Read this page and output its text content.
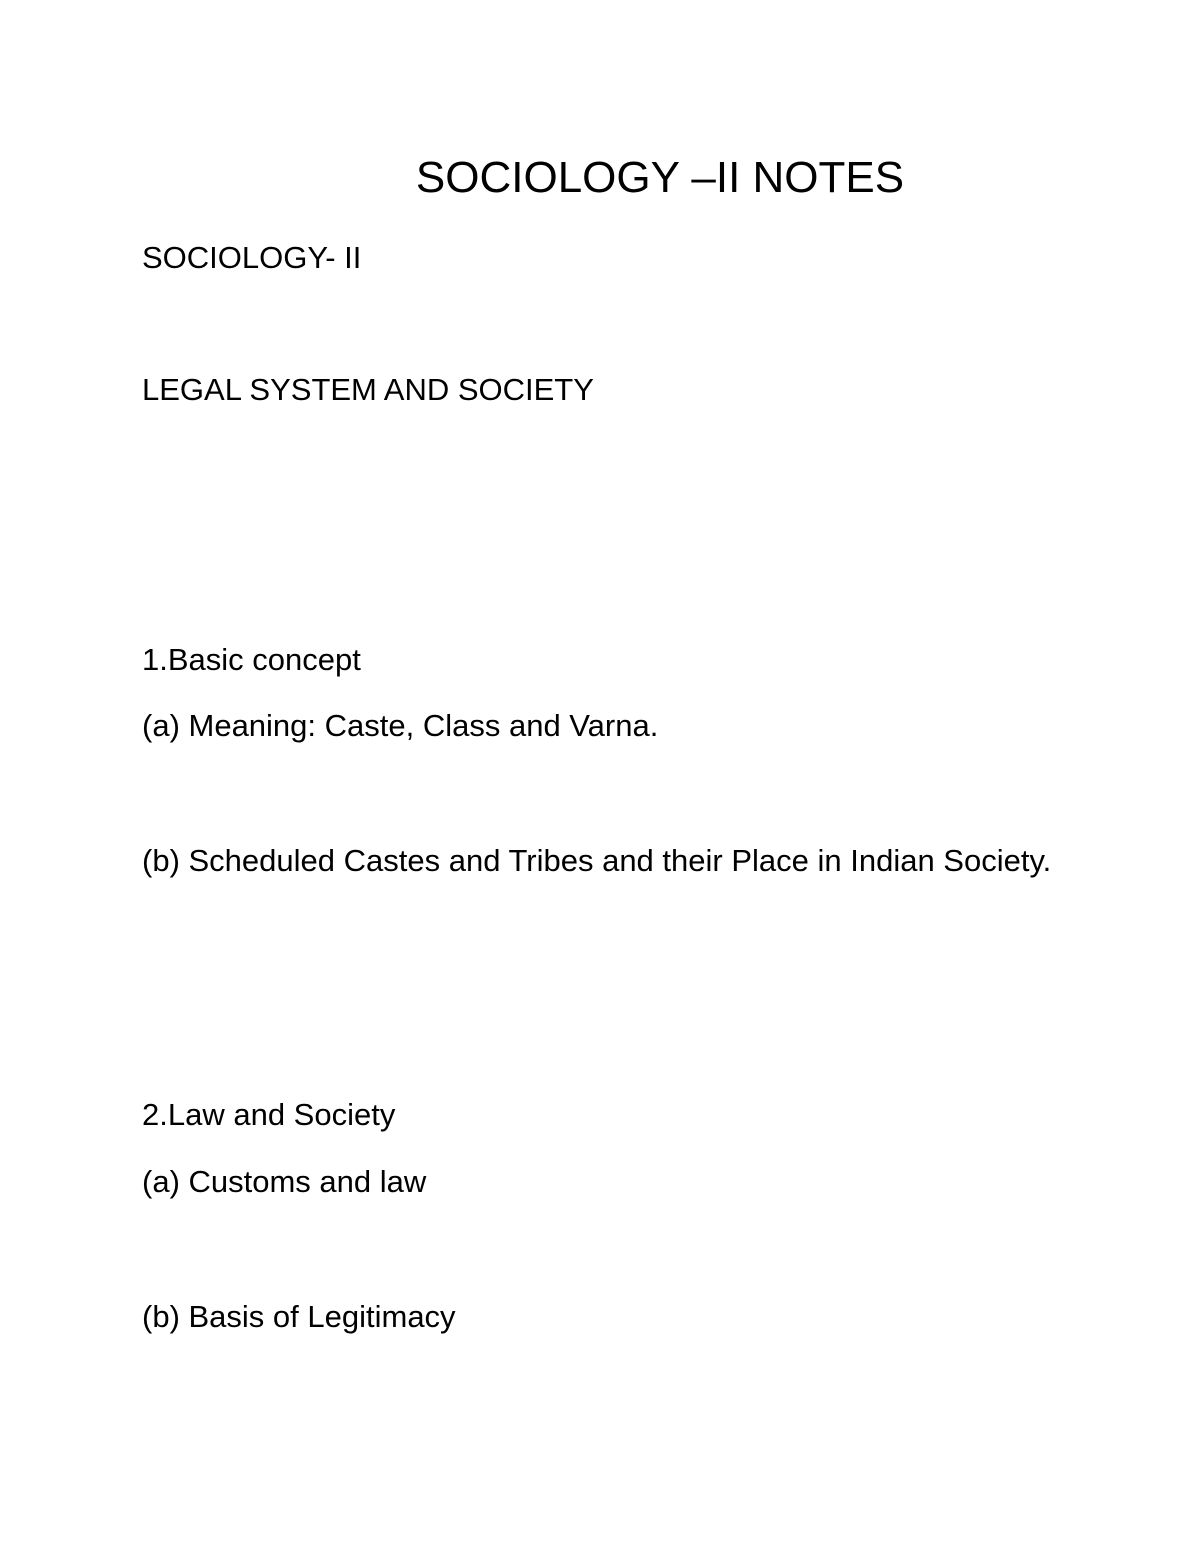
SOCIOLOGY –II NOTES
SOCIOLOGY- II
LEGAL SYSTEM AND SOCIETY
1.Basic concept
(a) Meaning: Caste, Class and Varna.
(b) Scheduled Castes and Tribes and their Place in Indian Society.
2.Law and Society
(a) Customs and law
(b) Basis of Legitimacy
